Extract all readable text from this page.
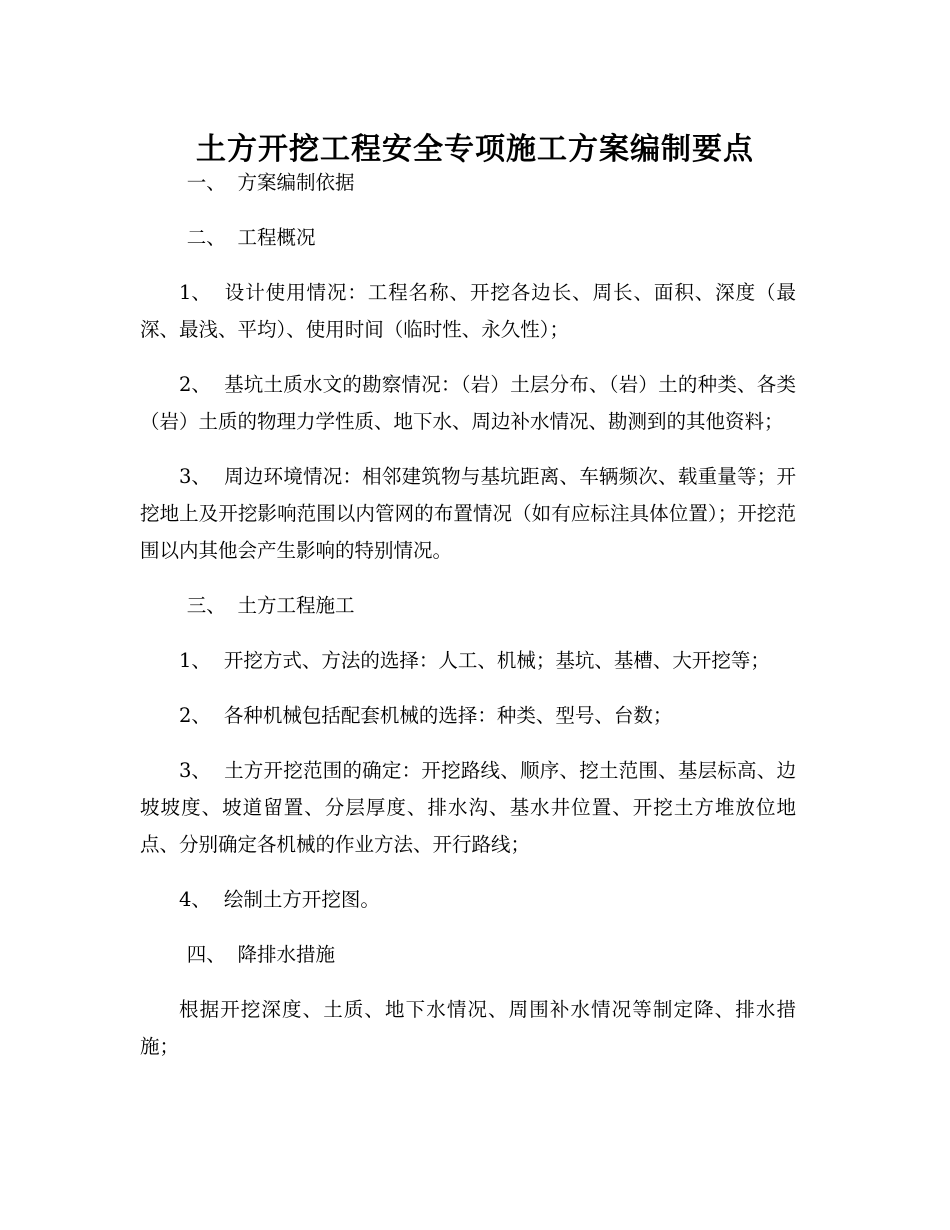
土方开挖工程安全专项施工方案编制要点
一、 方案编制依据
二、 工程概况

1、 设计使用情况：工程名称、开挖各边长、周长、面积、深度（最深、最浅、平均）、使用时间（临时性、永久性）；

2、 基坑土质水文的勘察情况：（岩）土层分布、（岩）土的种类、各类（岩）土质的物理力学性质、地下水、周边补水情况、勘测到的其他资料；

3、 周边环境情况：相邻建筑物与基坑距离、车辆频次、载重量等；开挖地上及开挖影响范围以内管网的布置情况（如有应标注具体位置）；开挖范围以内其他会产生影响的特别情况。

三、 土方工程施工

1、 开挖方式、方法的选择：人工、机械；基坑、基槽、大开挖等；

2、 各种机械包括配套机械的选择：种类、型号、台数；

3、 土方开挖范围的确定：开挖路线、顺序、挖土范围、基层标高、边坡坡度、坡道留置、分层厚度、排水沟、基水井位置、开挖土方堆放位地点、分别确定各机械的作业方法、开行路线；

4、 绘制土方开挖图。

四、 降排水措施

根据开挖深度、土质、地下水情况、周围补水情况等制定降、排水措施；
